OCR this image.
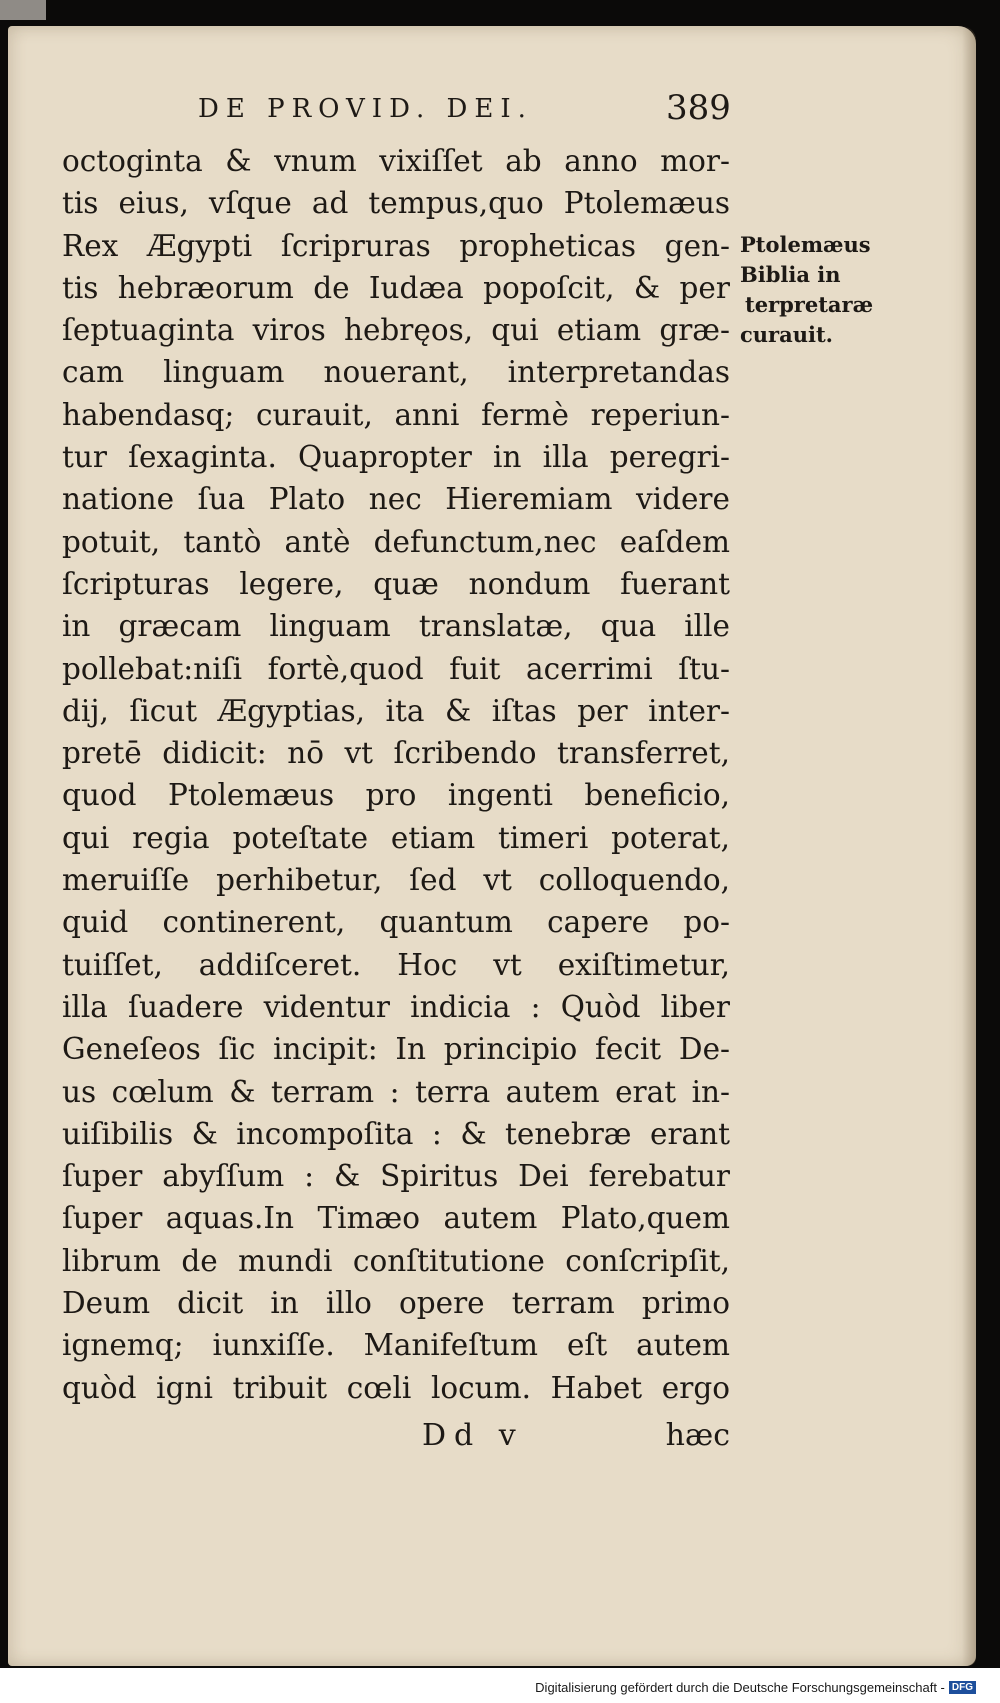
DE PROVID. DEI.	389
octoginta & vnum vixiſſet ab anno mor-
tis eius, vſque ad tempus,quo Ptolemæus
Rex Ægypti ſcripruras propheticas gen-
tis hebræorum de Iudæa popoſcit, & per
ſeptuaginta viros hebręos, qui etiam græ-
cam linguam nouerant, interpretandas
habendasq; curauit, anni fermè reperiun-
tur ſexaginta. Quapropter in illa peregri-
natione ſua Plato nec Hieremiam videre
potuit, tantò antè defunctum,nec eaſdem
ſcripturas legere, quæ nondum fuerant
in græcam linguam translatæ, qua ille
pollebat:niſi fortè,quod fuit acerrimi ſtu-
dij, ſicut Ægyptias, ita & iſtas per inter-
pretē didicit: nō vt ſcribendo transferret,
quod Ptolemæus pro ingenti beneficio,
qui regia poteſtate etiam timeri poterat,
meruiſſe perhibetur, ſed vt colloquendo,
quid continerent, quantum capere po-
tuiſſet, addiſceret. Hoc vt exiſtimetur,
illa ſuadere videntur indicia : Quòd liber
Geneſeos ſic incipit: In principio fecit De-
us cœlum & terram : terra autem erat in-
uiſibilis & incompoſita : & tenebræ erant
ſuper abyſſum : & Spiritus Dei ferebatur
ſuper aquas.In Timæo autem Plato,quem
librum de mundi conſtitutione conſcripſit,
Deum dicit in illo opere terram primo
ignemq; iunxiſſe. Manifeſtum eſt autem
quòd igni tribuit cœli locum. Habet ergo
Dd v	hæc
Ptolemæus
Biblia in
terpretaræ
curauit.
Digitalisierung gefördert durch die Deutsche Forschungsgemeinschaft - DFG
